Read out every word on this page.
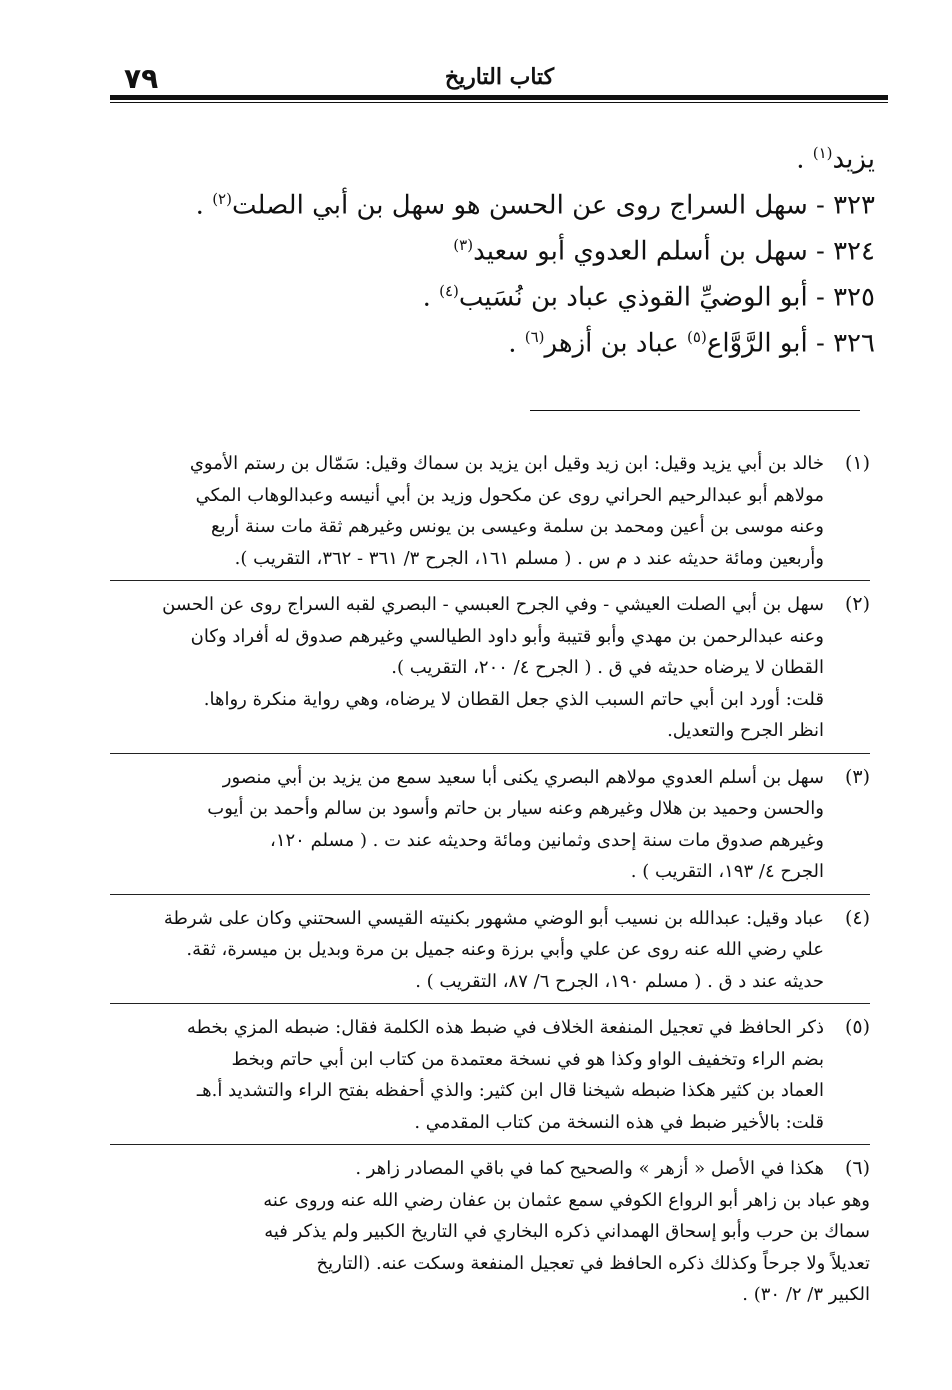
٧٩	كتاب التاريخ
يزيد$^{(١)}$ .
٣٢٣ - سهل السراج روى عن الحسن هو سهل بن أبي الصلت$^{(٢)}$ .
٣٢٤ - سهل بن أسلم العدوي أبو سعيد$^{(٣)}$
٣٢٥ - أبو الوضيِّ القوذي عباد بن نُسَيب$^{(٤)}$ .
٣٢٦ - أبو الرَّوَّاع$^{(٥)}$ عباد بن أزهر$^{(٦)}$ .
(١)
خالد بن أبي يزيد وقيل: ابن زيد وقيل ابن يزيد بن سماك وقيل: سَمّال بن رستم الأموي
مولاهم أبو عبدالرحيم الحراني روى عن مكحول وزيد بن أبي أنيسه وعبدالوهاب المكي
وعنه موسى بن أعين ومحمد بن سلمة وعيسى بن يونس وغيرهم ثقة مات سنة أربع
وأربعين ومائة حديثه عند د م س . ( مسلم ١٦١، الجرح ٣/ ٣٦١ - ٣٦٢، التقريب ).
(٢)
سهل بن أبي الصلت العيشي - وفي الجرح العبسي - البصري لقبه السراج روى عن الحسن
وعنه عبدالرحمن بن مهدي وأبو قتيبة وأبو داود الطيالسي وغيرهم صدوق له أفراد وكان
القطان لا يرضاه حديثه في ق . ( الجرح ٤/ ٢٠٠، التقريب ).
قلت: أورد ابن أبي حاتم السبب الذي جعل القطان لا يرضاه، وهي رواية منكرة رواها.
انظر الجرح والتعديل.
(٣)
سهل بن أسلم العدوي مولاهم البصري يكنى أبا سعيد سمع من يزيد بن أبي منصور
والحسن وحميد بن هلال وغيرهم وعنه سيار بن حاتم وأسود بن سالم وأحمد بن أيوب
وغيرهم صدوق مات سنة إحدى وثمانين ومائة وحديثه عند ت . ( مسلم ١٢٠،
الجرح ٤/ ١٩٣، التقريب ) .
(٤)
عباد وقيل: عبدالله بن نسيب أبو الوضي مشهور بكنيته القيسي السحتني وكان على شرطة
علي رضي الله عنه روى عن علي وأبي برزة وعنه جميل بن مرة وبديل بن ميسرة، ثقة.
حديثه عند د ق . ( مسلم ١٩٠، الجرح ٦/ ٨٧، التقريب ) .
(٥)
ذكر الحافظ في تعجيل المنفعة الخلاف في ضبط هذه الكلمة فقال: ضبطه المزي بخطه
بضم الراء وتخفيف الواو وكذا هو في نسخة معتمدة من كتاب ابن أبي حاتم وبخط
العماد بن كثير هكذا ضبطه شيخنا قال ابن كثير: والذي أحفظه بفتح الراء والتشديد أ.هـ
قلت: بالأخير ضبط في هذه النسخة من كتاب المقدمي .
(٦)
هكذا في الأصل « أزهر » والصحيح كما في باقي المصادر زاهر .
وهو عباد بن زاهر أبو الرواع الكوفي سمع عثمان بن عفان رضي الله عنه وروى عنه
سماك بن حرب وأبو إسحاق الهمداني ذكره البخاري في التاريخ الكبير ولم يذكر فيه
تعديلاً ولا جرحاً وكذلك ذكره الحافظ في تعجيل المنفعة وسكت عنه. (التاريخ
الكبير ٣/ ٢/ ٣٠) .
